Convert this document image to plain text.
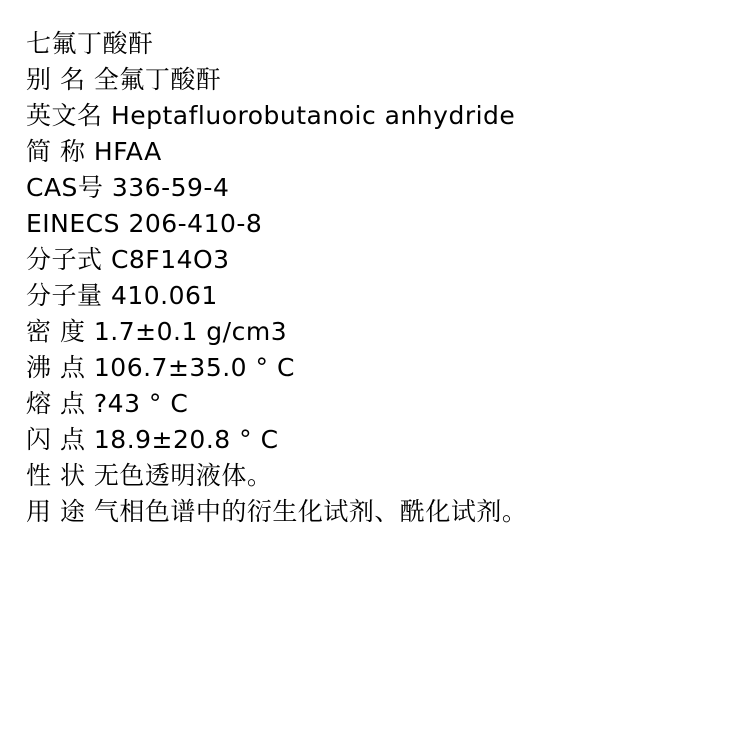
七氟丁酸酐
别 名 全氟丁酸酐
英文名 Heptafluorobutanoic anhydride
简 称 HFAA
CAS号 336-59-4
EINECS 206-410-8
分子式 C8F14O3
分子量 410.061
密 度 1.7±0.1 g/cm3
沸 点 106.7±35.0 ° C
熔 点 ?43 ° C
闪 点 18.9±20.8 ° C
性 状 无色透明液体。
用 途 气相色谱中的衍生化试剂、酰化试剂。
